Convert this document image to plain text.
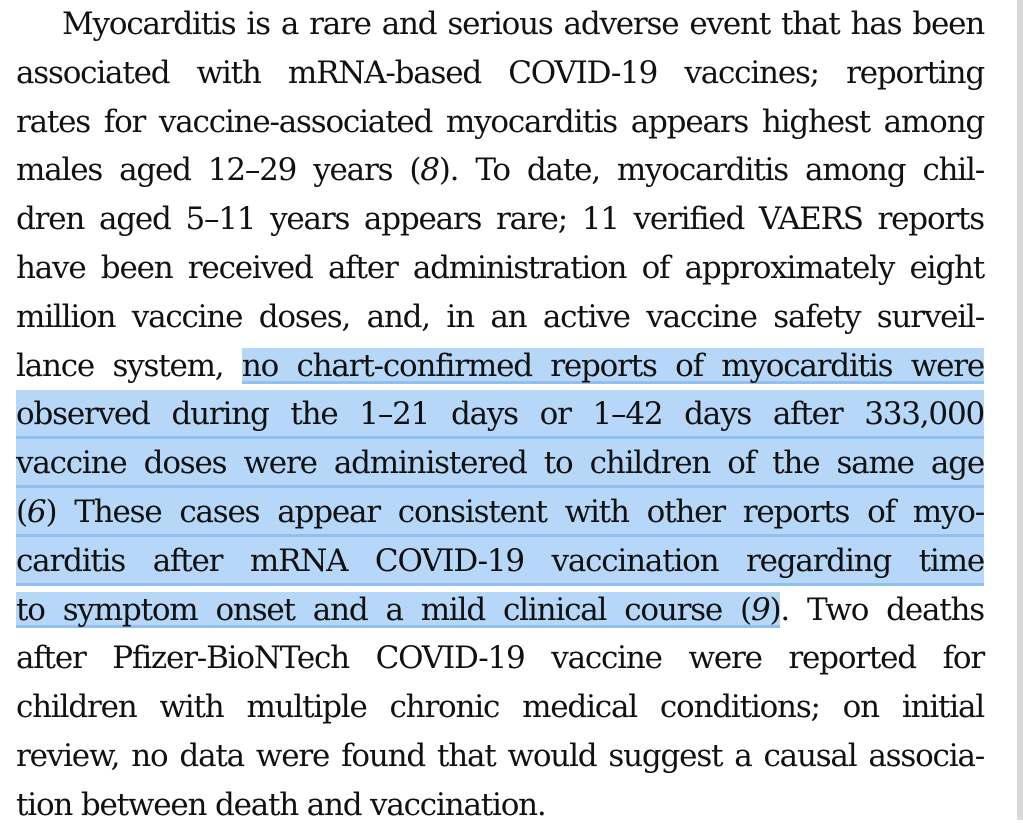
Myocarditis is a rare and serious adverse event that has been
associated with mRNA-based COVID-19 vaccines; reporting
rates for vaccine-associated myocarditis appears highest among
males aged 12–29 years (8). To date, myocarditis among chil-
dren aged 5–11 years appears rare; 11 verified VAERS reports
have been received after administration of approximately eight
million vaccine doses, and, in an active vaccine safety surveil-
lance system, no chart-confirmed reports of myocarditis were
observed during the 1–21 days or 1–42 days after 333,000
vaccine doses were administered to children of the same age
(6) These cases appear consistent with other reports of myo-
carditis after mRNA COVID-19 vaccination regarding time
to symptom onset and a mild clinical course (9). Two deaths
after Pfizer-BioNTech COVID-19 vaccine were reported for
children with multiple chronic medical conditions; on initial
review, no data were found that would suggest a causal associa-
tion between death and vaccination.
